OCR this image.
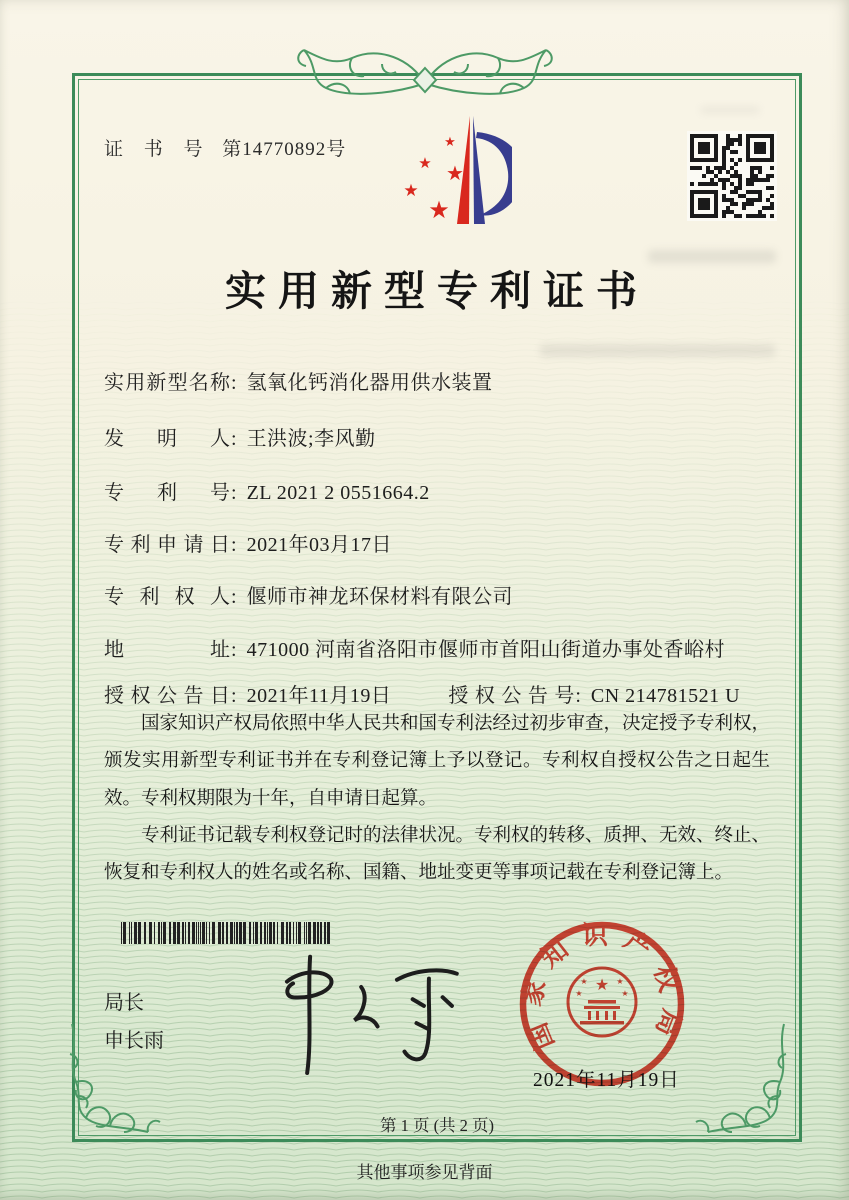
证 书 号 第14770892号	★
★ ★
★
★
实用新型专利证书
实用新型名称: 氢氧化钙消化器用供水装置
发明人: 王洪波;李风勤
专利号: ZL 2021 2 0551664.2
专利申请日: 2021年03月17日
专利权人: 偃师市神龙环保材料有限公司
地址: 471000 河南省洛阳市偃师市首阳山街道办事处香峪村
授权公告日: 2021年11月19日	授权公告号: CN 214781521 U

国家知识产权局依照中华人民共和国专利法经过初步审查，决定授予专利权，颁发实用新型专利证书并在专利登记簿上予以登记。专利权自授权公告之日起生效。专利权期限为十年，自申请日起算。

专利证书记载专利权登记时的法律状况。专利权的转移、质押、无效、终止、恢复和专利权人的姓名或名称、国籍、地址变更等事项记载在专利登记簿上。

局长
申长雨	国家知识产权局
★
★	★
★	★
2021年11月19日
第 1 页 (共 2 页)
其他事项参见背面
